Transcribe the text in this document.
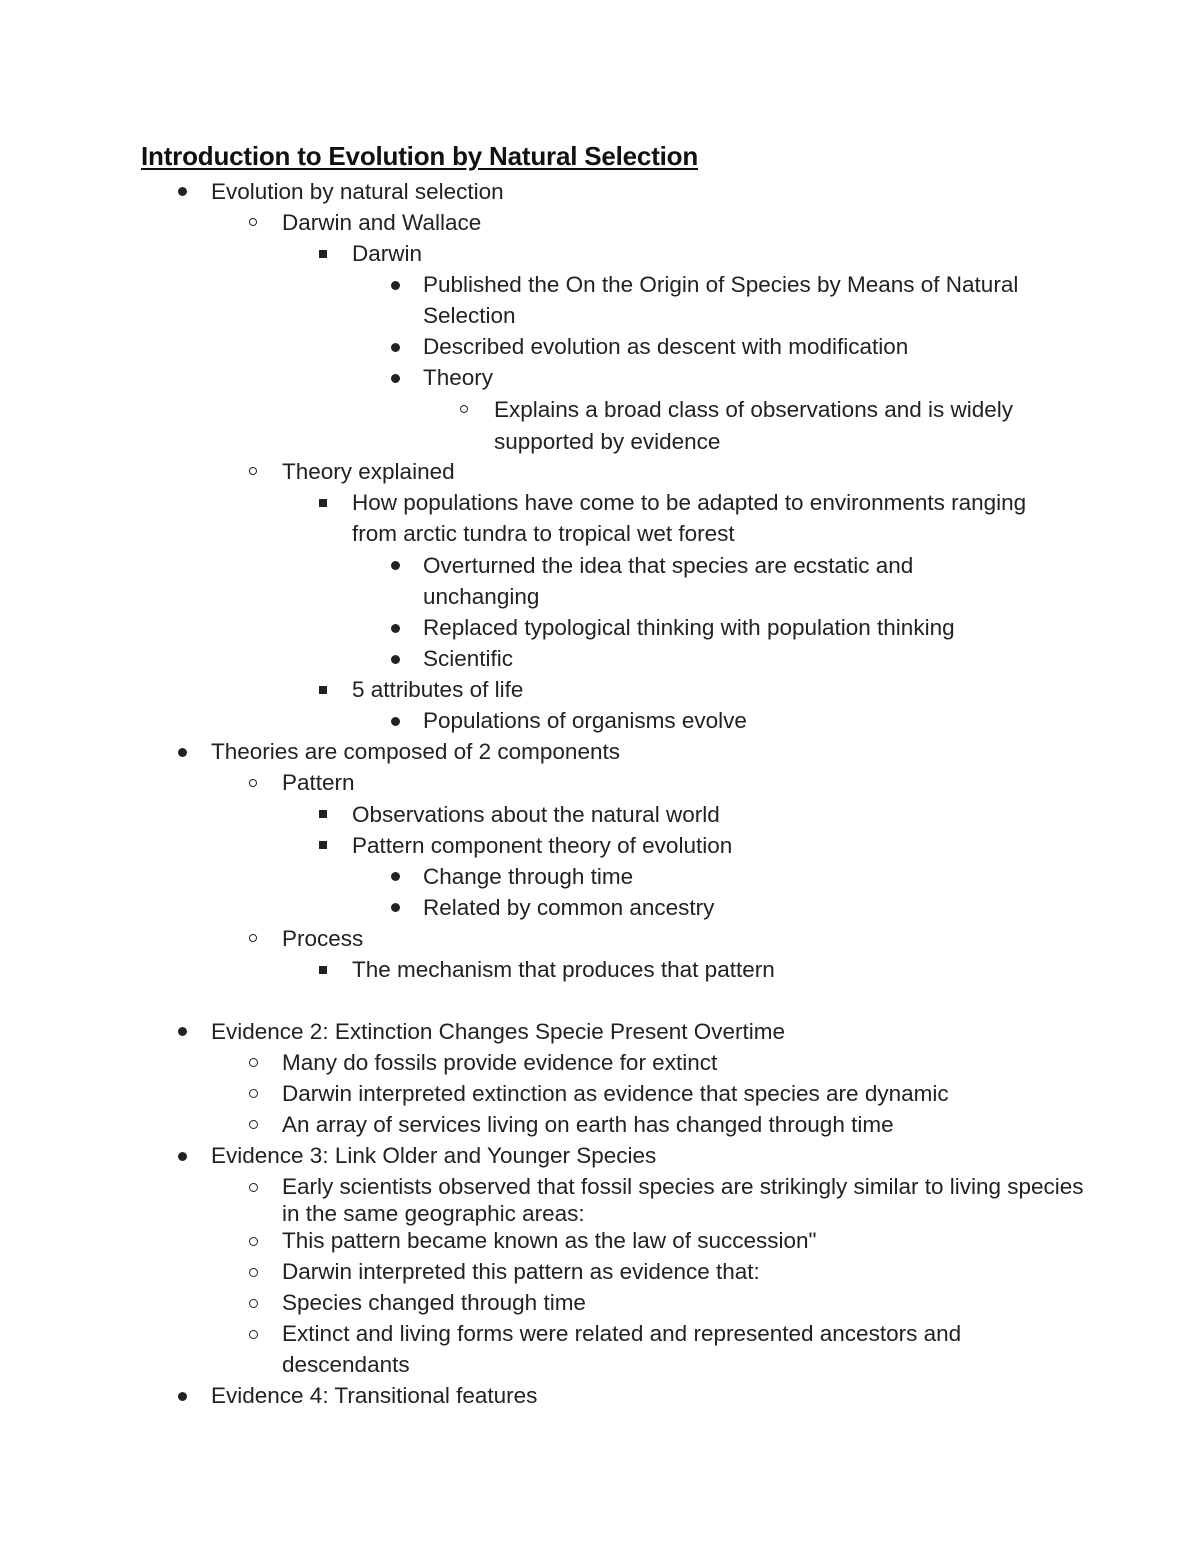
Introduction to Evolution by Natural Selection
Evolution by natural selection
Darwin and Wallace
Darwin
Published the On the Origin of Species by Means of Natural
Selection
Described evolution as descent with modification
Theory
Explains a broad class of observations and is widely
supported by evidence
Theory explained
How populations have come to be adapted to environments ranging
from arctic tundra to tropical wet forest
Overturned the idea that species are ecstatic and
unchanging
Replaced typological thinking with population thinking
Scientific
5 attributes of life
Populations of organisms evolve
Theories are composed of 2 components
Pattern
Observations about the natural world
Pattern component theory of evolution
Change through time
Related by common ancestry
Process
The mechanism that produces that pattern
Evidence 2: Extinction Changes Specie Present Overtime
Many do fossils provide evidence for extinct
Darwin interpreted extinction as evidence that species are dynamic
An array of services living on earth has changed through time
Evidence 3: Link Older and Younger Species
Early scientists observed that fossil species are strikingly similar to living species
in the same geographic areas:
This pattern became known as the law of succession"
Darwin interpreted this pattern as evidence that:
Species changed through time
Extinct and living forms were related and represented ancestors and
descendants
Evidence 4: Transitional features
